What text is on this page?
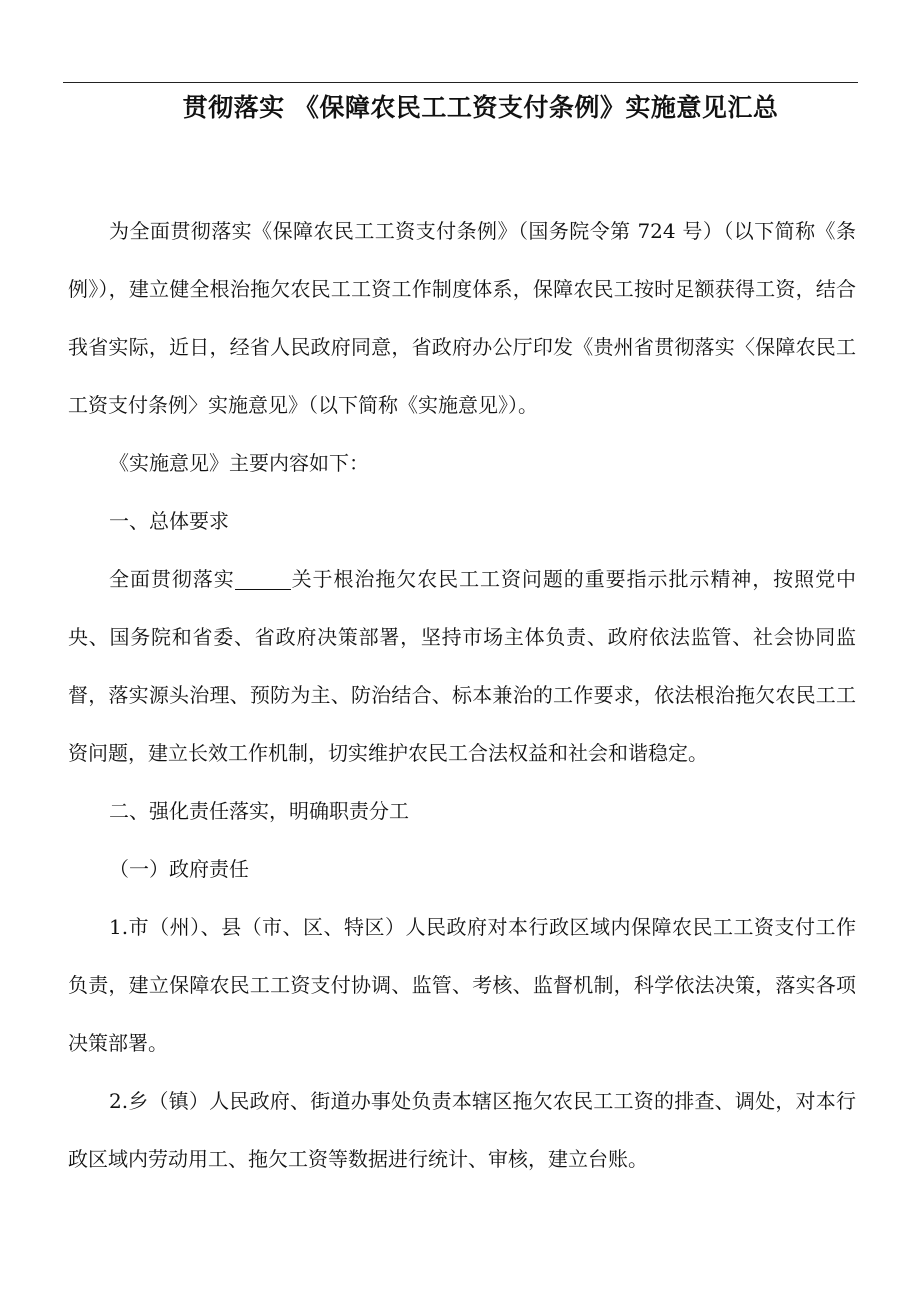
贯彻落实 《保障农民工工资支付条例》实施意见汇总

为全面贯彻落实《保障农民工工资支付条例》（国务院令第 724 号）（以下简称《条例》），建立健全根治拖欠农民工工资工作制度体系，保障农民工按时足额获得工资，结合我省实际，近日，经省人民政府同意，省政府办公厅印发《贵州省贯彻落实〈保障农民工工资支付条例〉实施意见》（以下简称《实施意见》）。

《实施意见》主要内容如下：

一、总体要求

全面贯彻落实	关于根治拖欠农民工工资问题的重要指示批示精神，按照党中央、国务院和省委、省政府决策部署，坚持市场主体负责、政府依法监管、社会协同监督，落实源头治理、预防为主、防治结合、标本兼治的工作要求，依法根治拖欠农民工工资问题，建立长效工作机制，切实维护农民工合法权益和社会和谐稳定。

二、强化责任落实，明确职责分工

（一）政府责任

1.市（州）、县（市、区、特区）人民政府对本行政区域内保障农民工工资支付工作负责，建立保障农民工工资支付协调、监管、考核、监督机制，科学依法决策，落实各项决策部署。

2.乡（镇）人民政府、街道办事处负责本辖区拖欠农民工工资的排查、调处，对本行政区域内劳动用工、拖欠工资等数据进行统计、审核，建立台账。
